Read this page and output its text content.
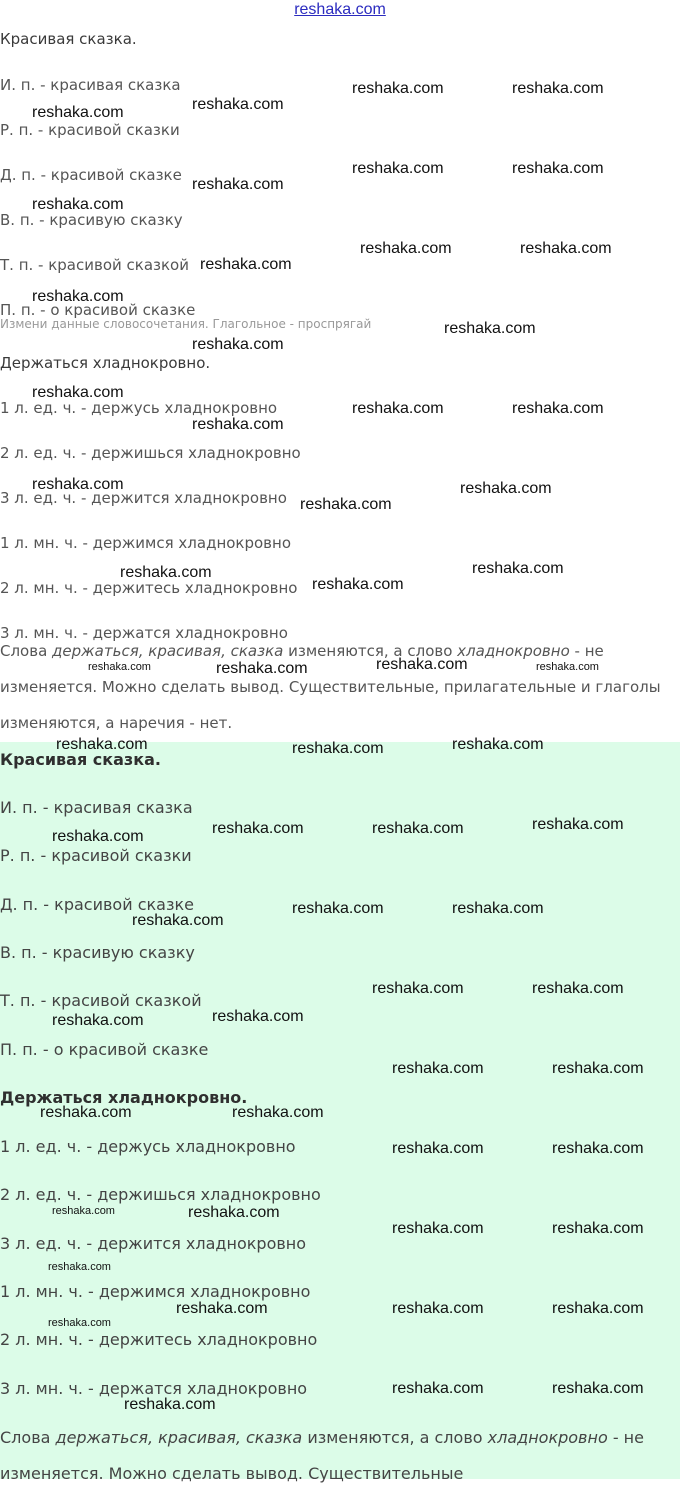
Красивая сказка.
И. п. - красивая сказка
Р. п. - красивой сказки
Д. п. - красивой сказке
В. п. - красивую сказку
Т. п. - красивой сказкой
П. п. - о красивой сказке
Измени данные словосочетания. Глагольное - проспрягай
Держаться хладнокровно.
1 л. ед. ч. - держусь хладнокровно
2 л. ед. ч. - держишься хладнокровно
3 л. ед. ч. - держится хладнокровно
1 л. мн. ч. - держимся хладнокровно
2 л. мн. ч. - держитесь хладнокровно
3 л. мн. ч. - держатся хладнокровно
Слова держаться, красивая, сказка изменяются, а слово хладнокровно - не изменяется. Можно сделать вывод. Существительные, прилагательные и глаголы изменяются, а наречия - нет.
Красивая сказка.
И. п. - красивая сказка
Р. п. - красивой сказки
Д. п. - красивой сказке
В. п. - красивую сказку
Т. п. - красивой сказкой
П. п. - о красивой сказке
Держаться хладнокровно.
1 л. ед. ч. - держусь хладнокровно
2 л. ед. ч. - держишься хладнокровно
3 л. ед. ч. - держится хладнокровно
1 л. мн. ч. - держимся хладнокровно
2 л. мн. ч. - держитесь хладнокровно
3 л. мн. ч. - держатся хладнокровно
Слова держаться, красивая, сказка изменяются, а слово хладнокровно - не изменяется. Можно сделать вывод. Существительные
reshaka.com
reshaka.com	reshaka.com
reshaka.com
reshaka.com
reshaka.com	reshaka.com
reshaka.com
reshaka.com
reshaka.com	reshaka.com
reshaka.com
reshaka.com
reshaka.com
reshaka.com
reshaka.com
reshaka.com	reshaka.com
reshaka.com
reshaka.com	reshaka.com
reshaka.com
reshaka.com
reshaka.com
reshaka.com
reshaka.com
reshaka.com	reshaka.com
reshaka.com
reshaka.com	reshaka.com
reshaka.com
reshaka.com
reshaka.com	reshaka.com
reshaka.com
reshaka.com	reshaka.com
reshaka.com
reshaka.com	reshaka.com
reshaka.com
reshaka.com
reshaka.com	reshaka.com
reshaka.com	reshaka.com
reshaka.com	reshaka.com
reshaka.com	reshaka.com
reshaka.com	reshaka.com
reshaka.com
reshaka.com	reshaka.com	reshaka.com
reshaka.com
reshaka.com	reshaka.com
reshaka.com
